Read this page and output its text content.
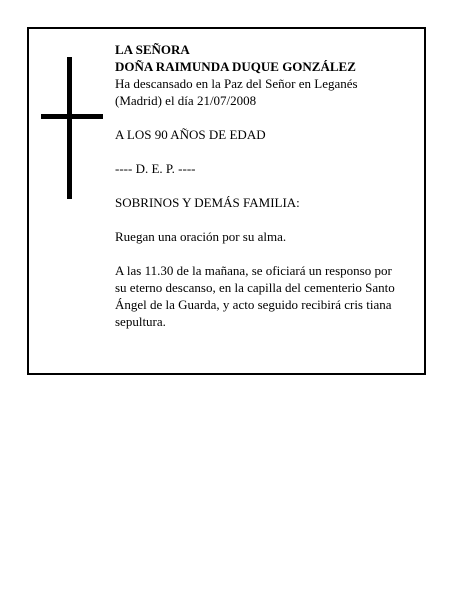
LA SEÑORA

DOÑA RAIMUNDA DUQUE GONZÁLEZ

Ha descansado en la Paz del Señor en Leganés

(Madrid) el día 21/07/2008

A LOS 90 AÑOS DE EDAD

---- D. E. P. ----

SOBRINOS Y DEMÁS FAMILIA:

Ruegan una oración por su alma.

A las 11.30 de la mañana, se oficiará un responso por

su eterno descanso, en la capilla del cementerio Santo

Ángel de la Guarda, y acto seguido recibirá cris tiana

sepultura.
